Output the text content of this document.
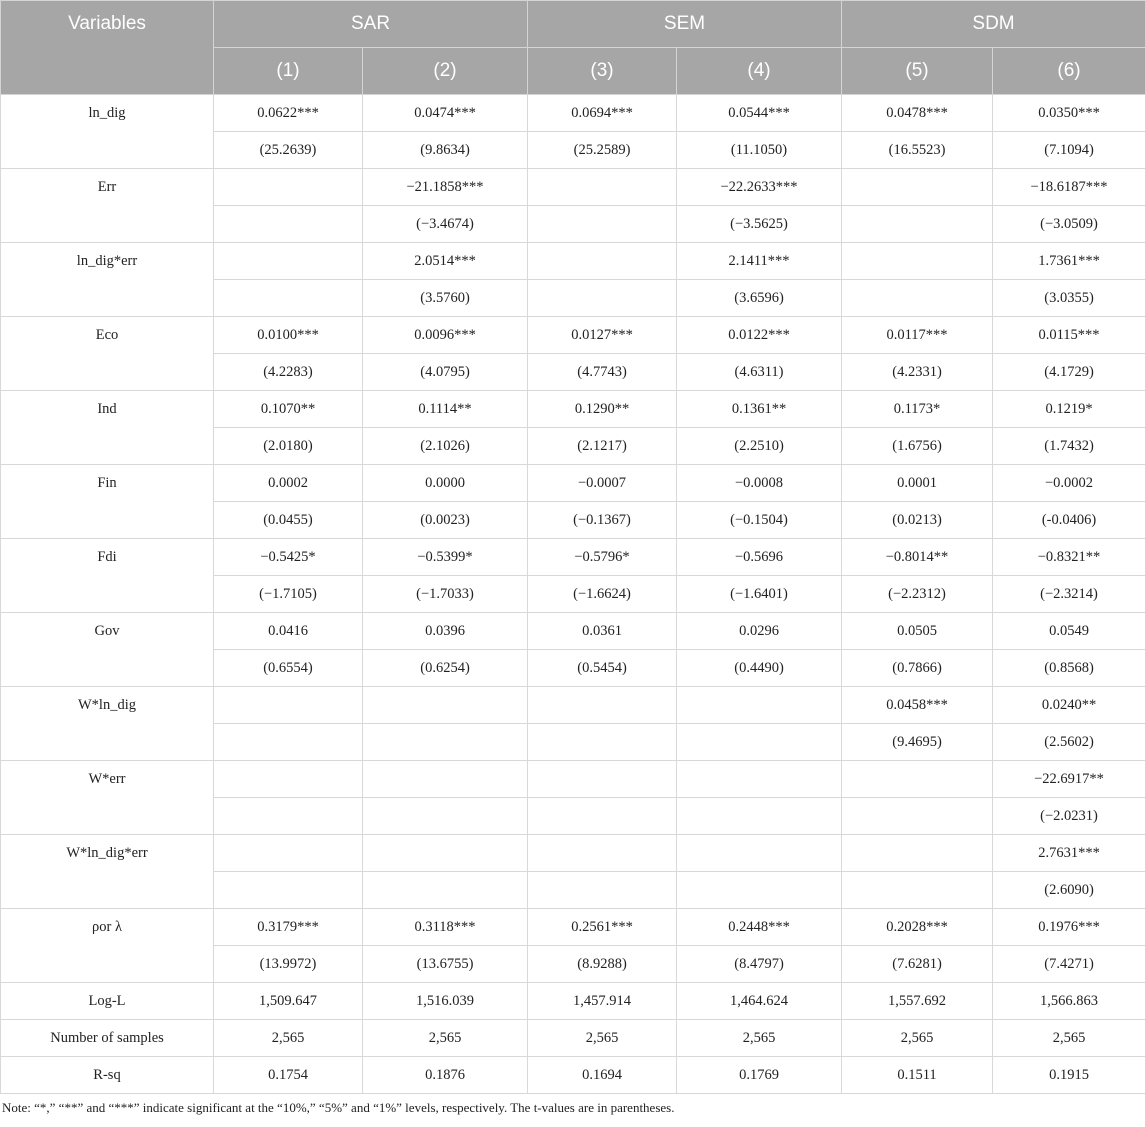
Variables	SAR		SEM		SDM	
	(1)	(2)	(3)	(4)	(5)	(6)
ln_dig	0.0622***	0.0474***	0.0694***	0.0544***	0.0478***	0.0350***
	(25.2639)	(9.8634)	(25.2589)	(11.1050)	(16.5523)	(7.1094)
Err		−21.1858***		−22.2633***		−18.6187***
		(−3.4674)		(−3.5625)		(−3.0509)
ln_dig*err		2.0514***		2.1411***		1.7361***
		(3.5760)		(3.6596)		(3.0355)
Eco	0.0100***	0.0096***	0.0127***	0.0122***	0.0117***	0.0115***
	(4.2283)	(4.0795)	(4.7743)	(4.6311)	(4.2331)	(4.1729)
Ind	0.1070**	0.1114**	0.1290**	0.1361**	0.1173*	0.1219*
	(2.0180)	(2.1026)	(2.1217)	(2.2510)	(1.6756)	(1.7432)
Fin	0.0002	0.0000	−0.0007	−0.0008	0.0001	−0.0002
	(0.0455)	(0.0023)	(−0.1367)	(−0.1504)	(0.0213)	(-0.0406)
Fdi	−0.5425*	−0.5399*	−0.5796*	−0.5696	−0.8014**	−0.8321**
	(−1.7105)	(−1.7033)	(−1.6624)	(−1.6401)	(−2.2312)	(−2.3214)
Gov	0.0416	0.0396	0.0361	0.0296	0.0505	0.0549
	(0.6554)	(0.6254)	(0.5454)	(0.4490)	(0.7866)	(0.8568)
W*ln_dig					0.0458***	0.0240**
					(9.4695)	(2.5602)
W*err						−22.6917**
						(−2.0231)
W*ln_dig*err						2.7631***
						(2.6090)
ρor λ	0.3179***	0.3118***	0.2561***	0.2448***	0.2028***	0.1976***
	(13.9972)	(13.6755)	(8.9288)	(8.4797)	(7.6281)	(7.4271)
Log-L	1,509.647	1,516.039	1,457.914	1,464.624	1,557.692	1,566.863
Number of samples	2,565	2,565	2,565	2,565	2,565	2,565
R-sq	0.1754	0.1876	0.1694	0.1769	0.1511	0.1915
Note: “*,” “**” and “***” indicate significant at the “10%,” “5%” and “1%” levels, respectively. The t-values are in parentheses.
